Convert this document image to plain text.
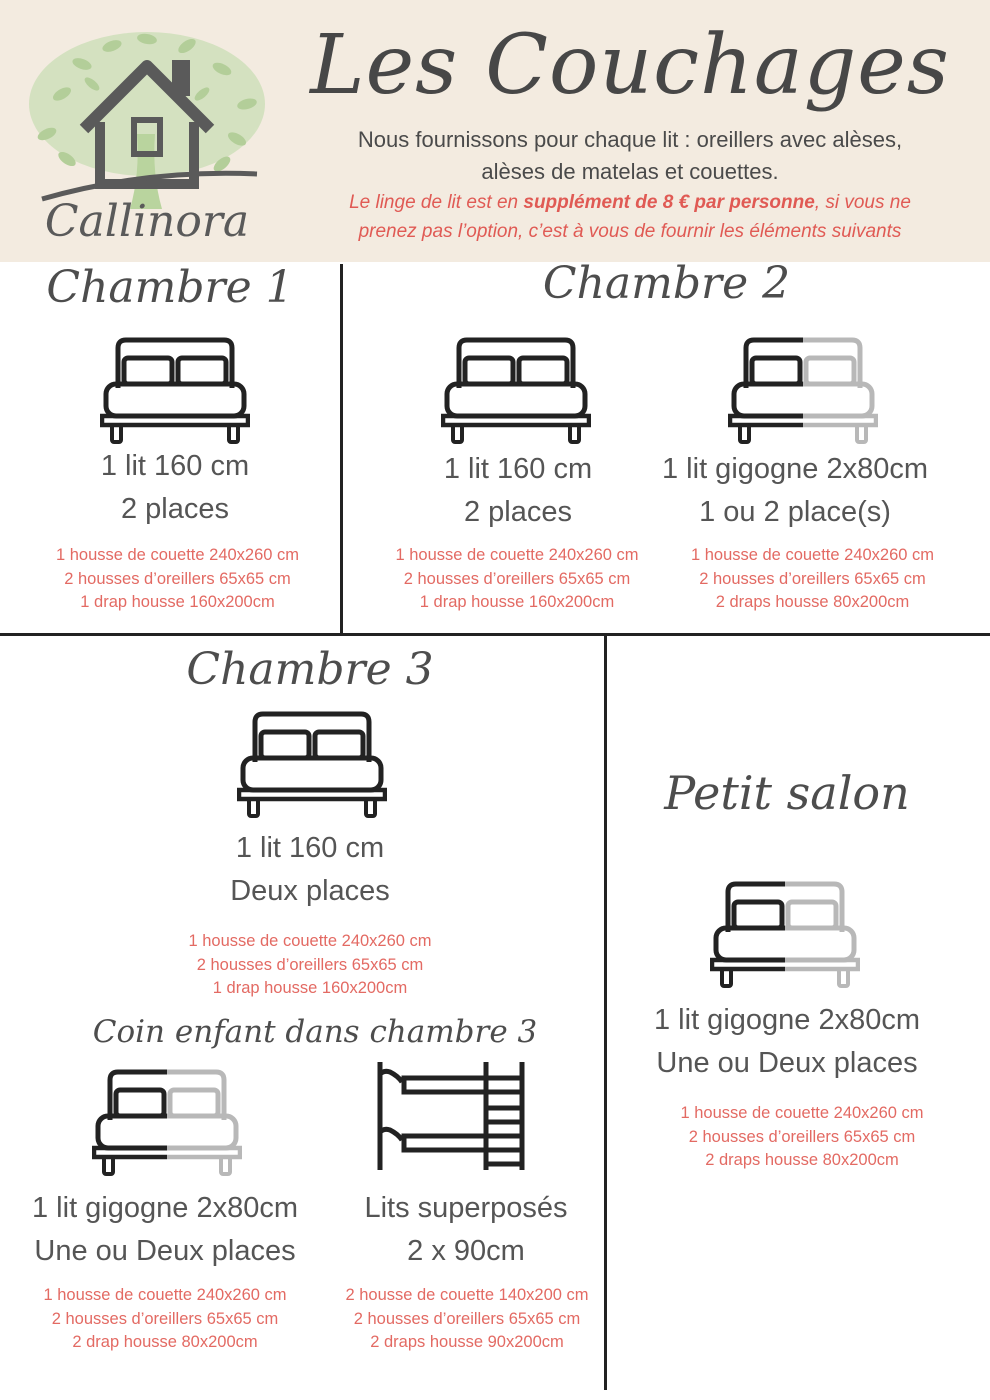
Callinora
Les Couchages
Nous fournissons pour chaque lit : oreillers avec alèses,
alèses de matelas et couettes.
Le linge de lit est en supplément de 8 € par personne, si vous ne
prenez pas l’option, c’est à vous de fournir les éléments suivants
Chambre 1
1 lit 160 cm
2 places
1 housse de couette 240x260 cm
2 housses d’oreillers 65x65 cm
1 drap housse 160x200cm
Chambre 2
1 lit 160 cm
2 places
1 lit gigogne 2x80cm
1 ou 2 place(s)
1 housse de couette 240x260 cm
2 housses d’oreillers 65x65 cm
1 drap housse 160x200cm
1 housse de couette 240x260 cm
2 housses d’oreillers 65x65 cm
2 draps housse 80x200cm
Chambre 3
1 lit 160 cm
Deux places
1 housse de couette 240x260 cm
2 housses d’oreillers 65x65 cm
1 drap housse 160x200cm
Coin enfant dans chambre 3
1 lit gigogne 2x80cm
Une ou Deux places
Lits superposés
2 x 90cm
1 housse de couette 240x260 cm
2 housses d’oreillers 65x65 cm
2 drap housse 80x200cm
2 housse de couette 140x200 cm
2 housses d’oreillers 65x65 cm
2 draps housse 90x200cm
Petit salon
1 lit gigogne 2x80cm
Une ou Deux places
1 housse de couette 240x260 cm
2 housses d’oreillers 65x65 cm
2 draps housse 80x200cm
